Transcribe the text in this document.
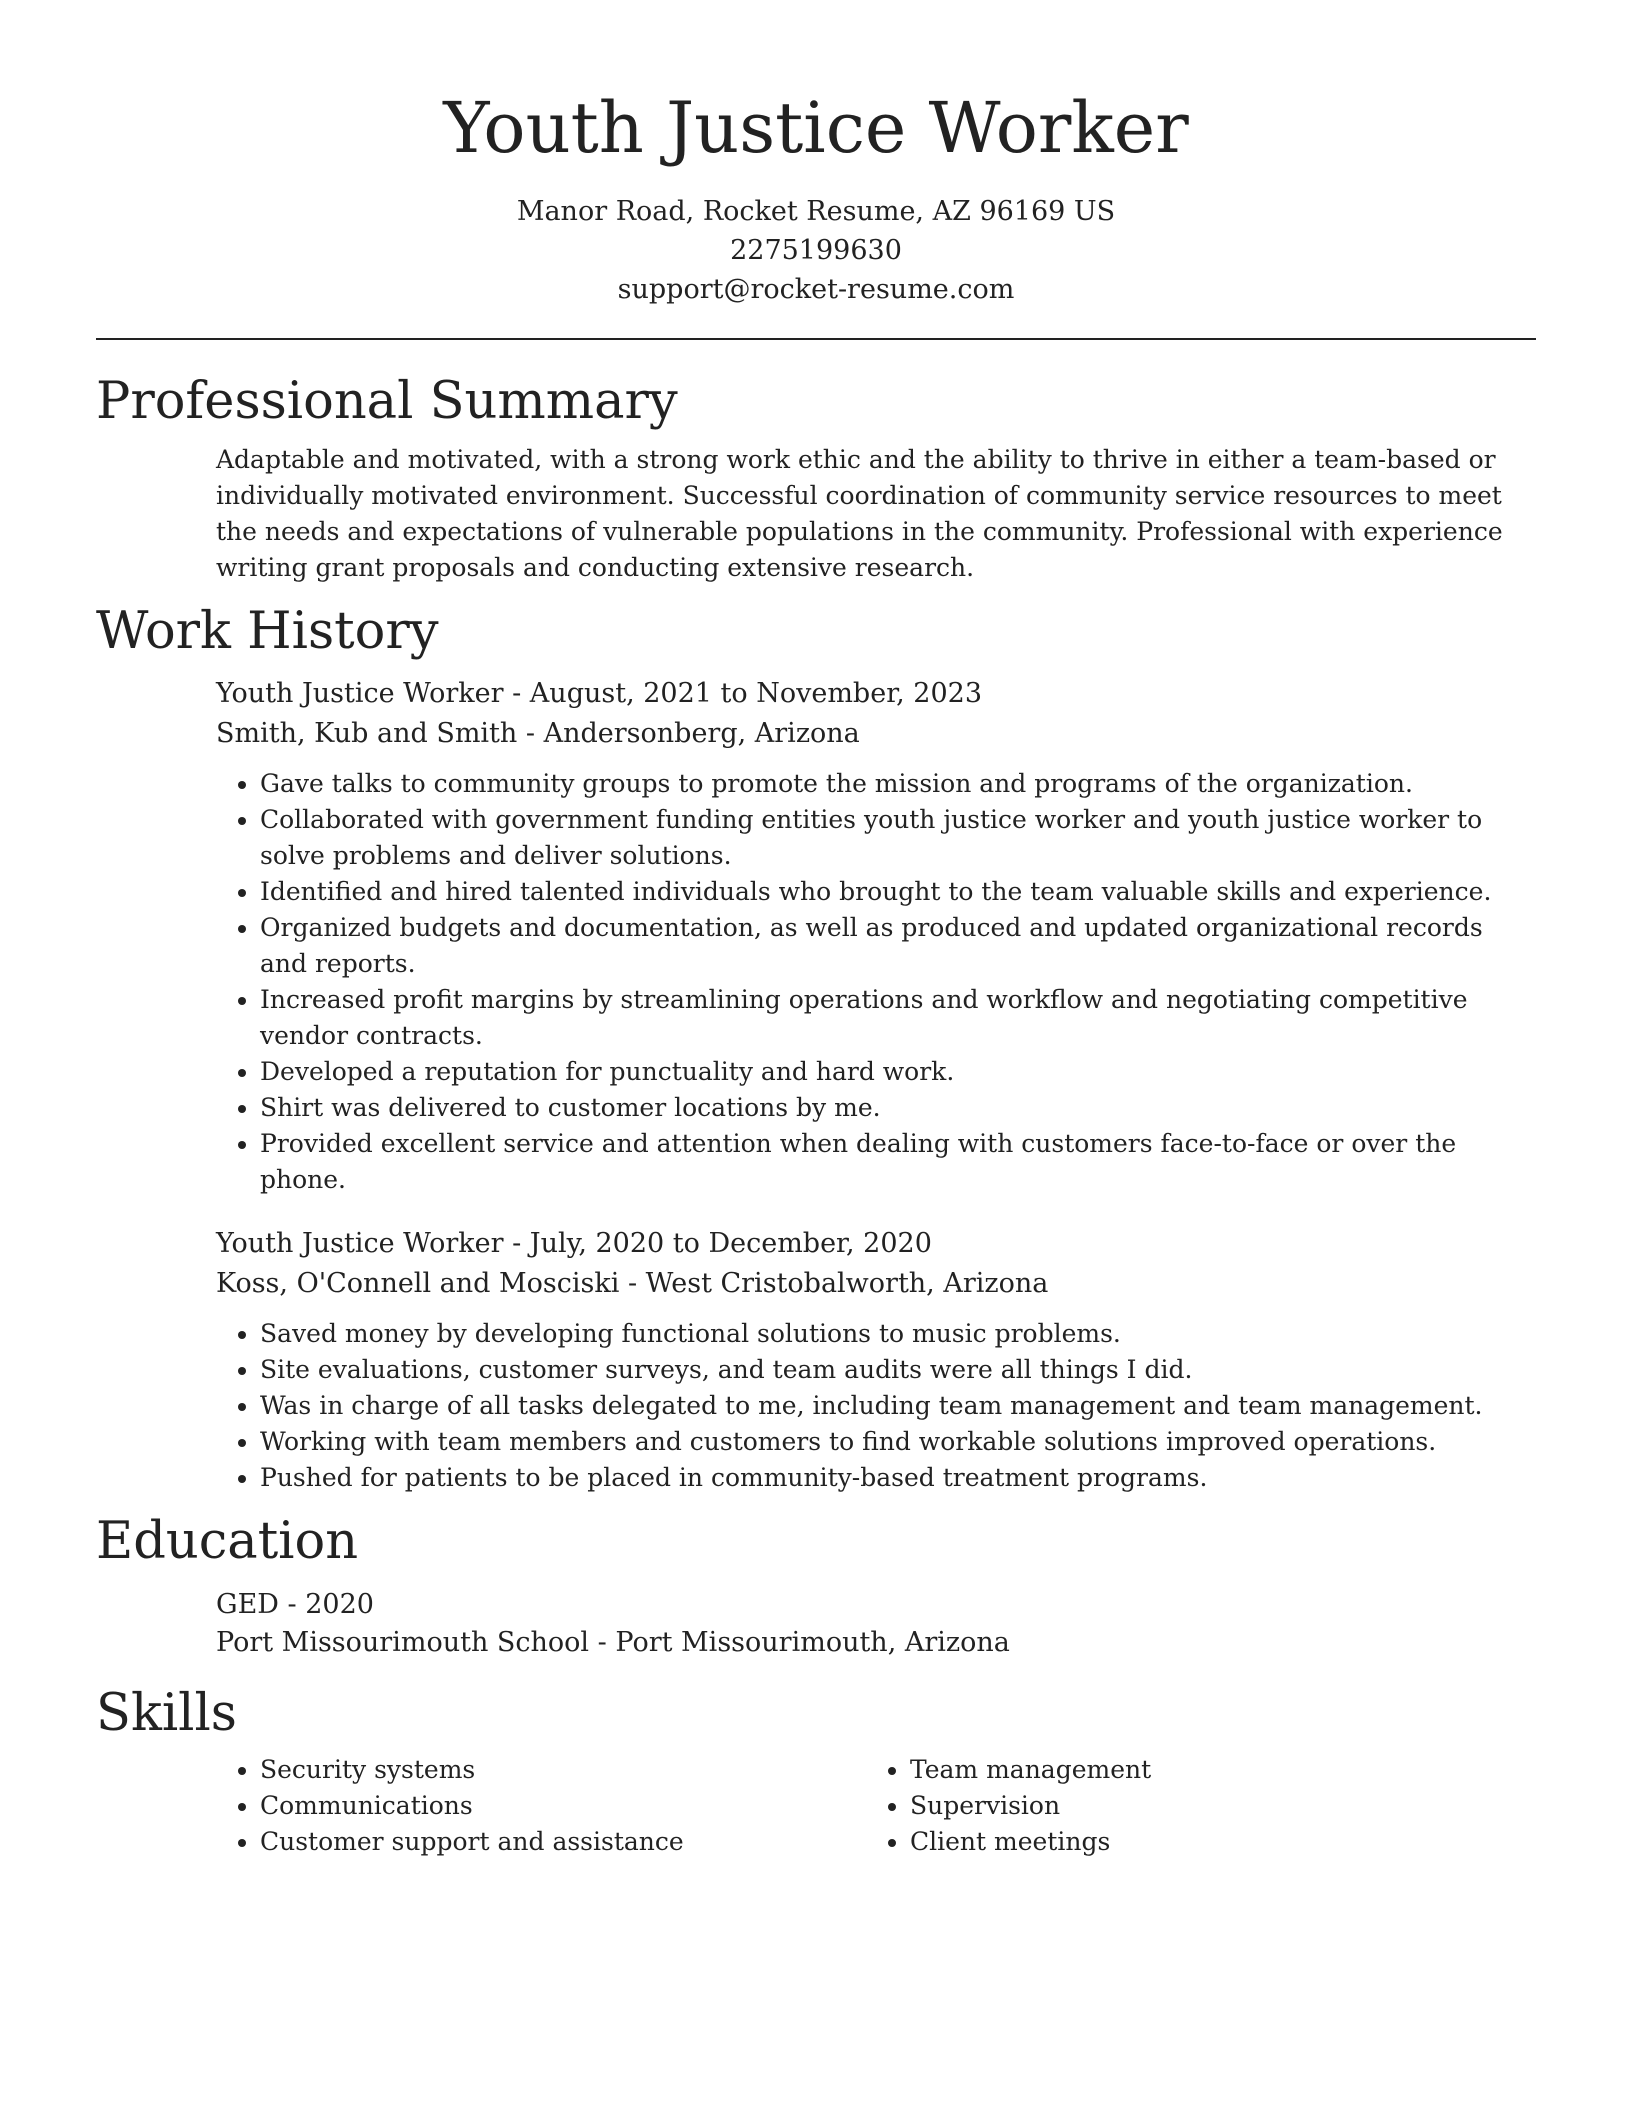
Youth Justice Worker
Manor Road, Rocket Resume, AZ 96169 US
2275199630
support@rocket-resume.com
Professional Summary
Adaptable and motivated, with a strong work ethic and the ability to thrive in either a team-based or individually motivated environment. Successful coordination of community service resources to meet the needs and expectations of vulnerable populations in the community. Professional with experience writing grant proposals and conducting extensive research.
Work History
Youth Justice Worker - August, 2021 to November, 2023
Smith, Kub and Smith - Andersonberg, Arizona
• Gave talks to community groups to promote the mission and programs of the organization.
• Collaborated with government funding entities youth justice worker and youth justice worker to solve problems and deliver solutions.
• Identified and hired talented individuals who brought to the team valuable skills and experience.
• Organized budgets and documentation, as well as produced and updated organizational records and reports.
• Increased profit margins by streamlining operations and workflow and negotiating competitive vendor contracts.
• Developed a reputation for punctuality and hard work.
• Shirt was delivered to customer locations by me.
• Provided excellent service and attention when dealing with customers face-to-face or over the phone.
Youth Justice Worker - July, 2020 to December, 2020
Koss, O'Connell and Mosciski - West Cristobalworth, Arizona
• Saved money by developing functional solutions to music problems.
• Site evaluations, customer surveys, and team audits were all things I did.
• Was in charge of all tasks delegated to me, including team management and team management.
• Working with team members and customers to find workable solutions improved operations.
• Pushed for patients to be placed in community-based treatment programs.
Education
GED - 2020
Port Missourimouth School - Port Missourimouth, Arizona
Skills
• Security systems
• Communications
• Customer support and assistance
• Team management
• Supervision
• Client meetings
